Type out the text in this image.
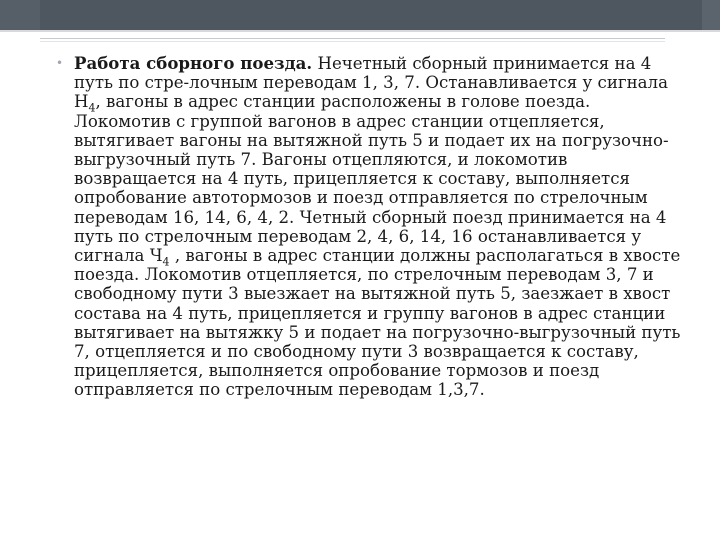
• Работа сборного поезда. Нечетный сборный принимается на 4 путь по стре-лочным переводам 1, 3, 7. Останавливается у сигнала $Н_4$, вагоны в адрес станции расположены в голове поезда. Локомотив с группой вагонов в адрес станции отцепляется, вытягивает вагоны на вытяжной путь 5 и подает их на погрузочно-выгрузочный путь 7. Вагоны отцепляются, и локомотив возвращается на 4 путь, прицепляется к составу, выполняется опробование автотормозов и поезд отправляется по стрелочным переводам 16, 14, 6, 4, 2. Четный сборный поезд принимается на 4 путь по стрелочным переводам 2, 4, 6, 14, 16 останавливается у сигнала $Ч_4$ , вагоны в адрес станции должны располагаться в хвосте поезда. Локомотив отцепляется, по стрелочным переводам 3, 7 и свободному пути 3 выезжает на вытяжной путь 5, заезжает в хвост состава на 4 путь, прицепляется и группу вагонов в адрес станции вытягивает на вытяжку 5 и подает на погрузочно-выгрузочный путь 7, отцепляется и по свободному пути 3 возвращается к составу, прицепляется, выполняется опробование тормозов и поезд отправляется по стрелочным переводам 1,3,7.
